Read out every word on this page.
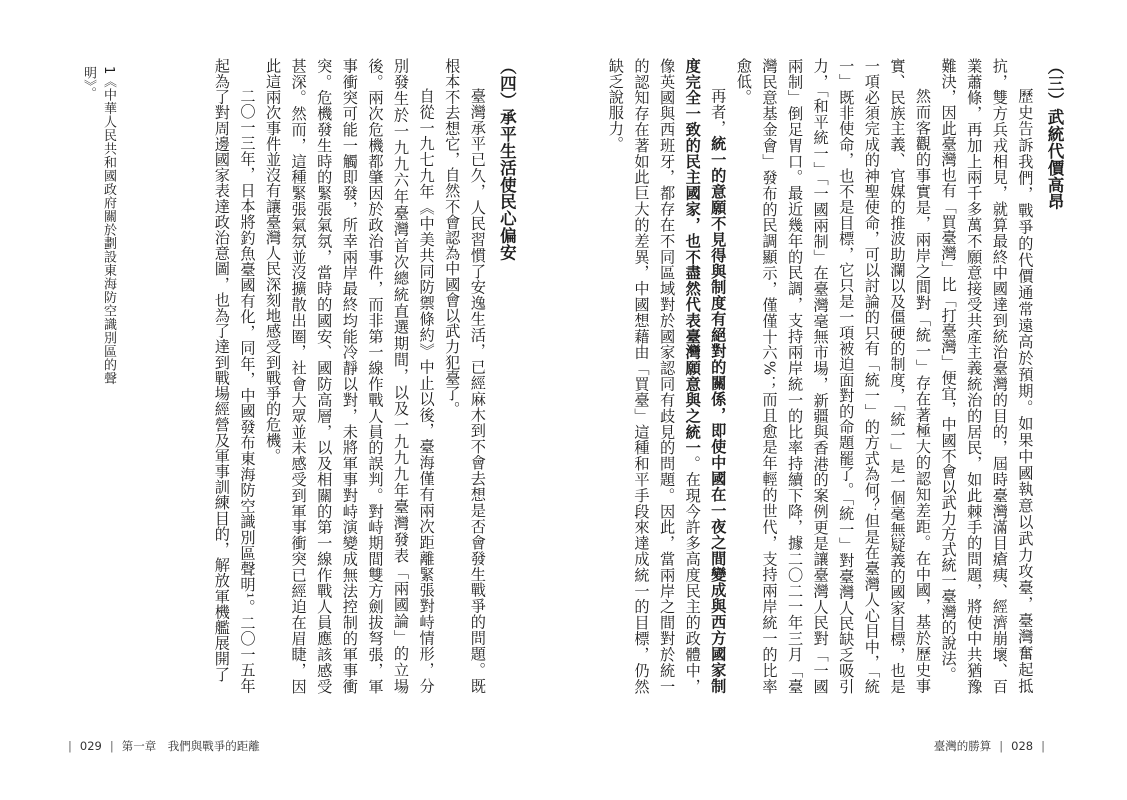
（三）武統代價高昂

歷史告訴我們，戰爭的代價通常遠高於預期。如果中國執意以武力攻臺，臺灣奮起抵抗，雙方兵戎相見，就算最終中國達到統治臺灣的目的，屆時臺灣滿目瘡痍、經濟崩壞、百業蕭條，再加上兩千多萬不願意接受共產主義統治的居民，如此棘手的問題，將使中共猶豫難決，因此臺灣也有「買臺灣」比「打臺灣」便宜，中國不會以武力方式統一臺灣的說法。

然而客觀的事實是，兩岸之間對「統一」存在著極大的認知差距。在中國，基於歷史事實、民族主義、官媒的推波助瀾以及僵硬的制度，「統一」是一個毫無疑義的國家目標，也是一項必須完成的神聖使命，可以討論的只有「統一」的方式為何？但是在臺灣人心目中，「統一」既非使命，也不是目標，它只是一項被迫面對的命題罷了。「統一」對臺灣人民缺乏吸引力，「和平統一」「一國兩制」在臺灣毫無市場，新疆與香港的案例更是讓臺灣人民對「一國兩制」倒足胃口。最近幾年的民調，支持兩岸統一的比率持續下降，據二〇二一年三月「臺灣民意基金會」發布的民調顯示，僅僅十六%；而且愈是年輕的世代，支持兩岸統一的比率愈低。

再者，統一的意願不見得與制度有絕對的關係，即使中國在一夜之間變成與西方國家制度完全一致的民主國家，也不盡然代表臺灣願意與之統一。在現今許多高度民主的政體中，像英國與西班牙，都存在不同區域對於國家認同有歧見的問題。因此，當兩岸之間對於統一的認知存在著如此巨大的差異，中國想藉由「買臺」這種和平手段來達成統一的目標，仍然缺乏說服力。

臺灣的勝算 | 028 |

（四）承平生活使民心偏安

臺灣承平已久，人民習慣了安逸生活，已經麻木到不會去想是否會發生戰爭的問題。既根本不去想它，自然不會認為中國會以武力犯臺了。

自從一九七九年《中美共同防禦條約》中止以後，臺海僅有兩次距離緊張對峙情形，分別發生於一九九六年臺灣首次總統直選期間，以及一九九九年臺灣發表「兩國論」的立場後。兩次危機都肇因於政治事件，而非第一線作戰人員的誤判。對峙期間雙方劍拔弩張，軍事衝突可能一觸即發，所幸兩岸最終均能冷靜以對，未將軍事對峙演變成無法控制的軍事衝突。危機發生時的緊張氣氛，當時的國安、國防高層，以及相關的第一線作戰人員應該感受甚深。然而，這種緊張氣氛並沒擴散出圈，社會大眾並未感受到軍事衝突已經迫在眉睫，因此這兩次事件並沒有讓臺灣人民深刻地感受到戰爭的危機。

二〇一三年，日本將釣魚臺國有化，同年，中國發布東海防空識別區聲明¹。二〇一五年起為了對周邊國家表達政治意圖，也為了達到戰場經營及軍事訓練目的，解放軍機艦展開了

1《中華人民共和國政府關於劃設東海防空識別區的聲明》。
| 029 | 第一章　我們與戰爭的距離
